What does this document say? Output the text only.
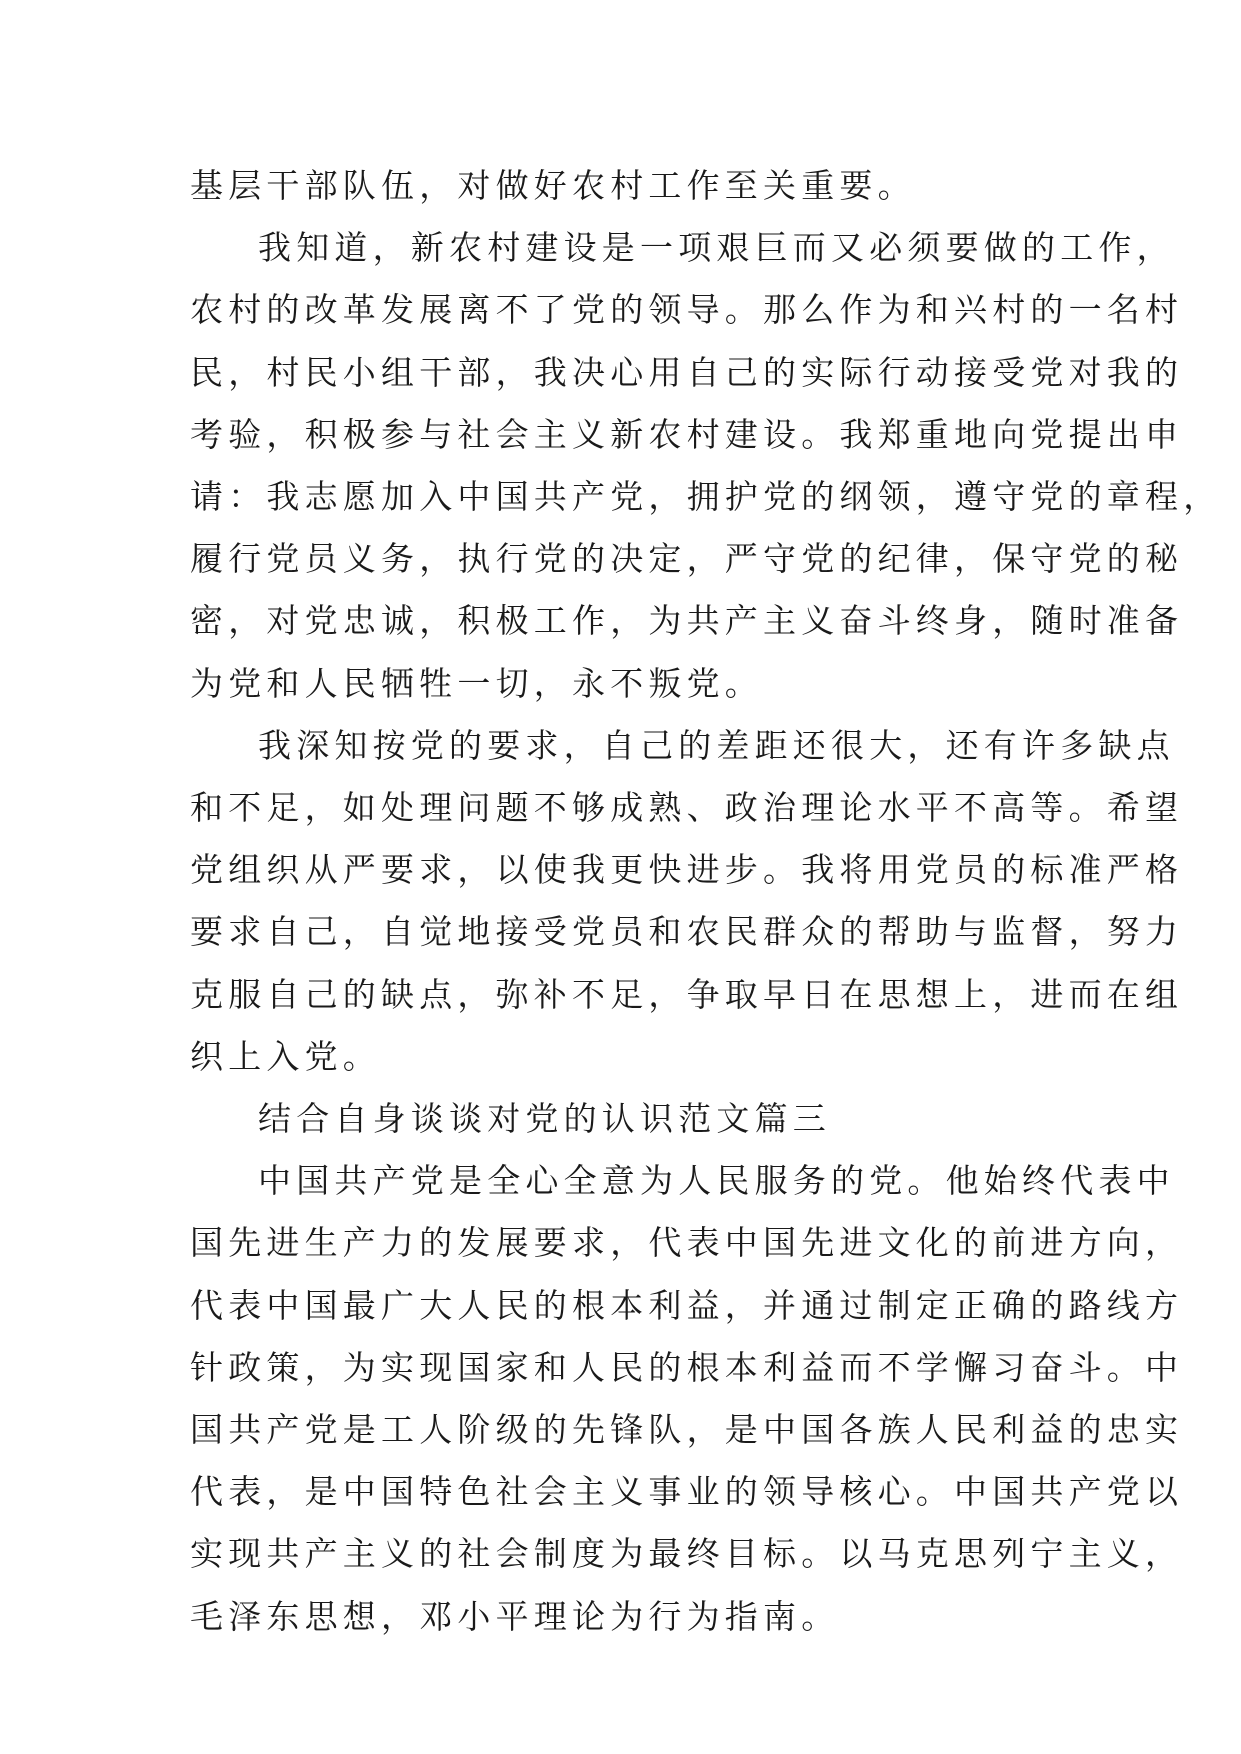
基层干部队伍，对做好农村工作至关重要。
我知道，新农村建设是一项艰巨而又必须要做的工作，
农村的改革发展离不了党的领导。那么作为和兴村的一名村
民，村民小组干部，我决心用自己的实际行动接受党对我的
考验，积极参与社会主义新农村建设。我郑重地向党提出申
请：我志愿加入中国共产党，拥护党的纲领，遵守党的章程，
履行党员义务，执行党的决定，严守党的纪律，保守党的秘
密，对党忠诚，积极工作，为共产主义奋斗终身，随时准备
为党和人民牺牲一切，永不叛党。
我深知按党的要求，自己的差距还很大，还有许多缺点
和不足，如处理问题不够成熟、政治理论水平不高等。希望
党组织从严要求，以使我更快进步。我将用党员的标准严格
要求自己，自觉地接受党员和农民群众的帮助与监督，努力
克服自己的缺点，弥补不足，争取早日在思想上，进而在组
织上入党。
结合自身谈谈对党的认识范文篇三
中国共产党是全心全意为人民服务的党。他始终代表中
国先进生产力的发展要求，代表中国先进文化的前进方向，
代表中国最广大人民的根本利益，并通过制定正确的路线方
针政策，为实现国家和人民的根本利益而不学懈习奋斗。中
国共产党是工人阶级的先锋队，是中国各族人民利益的忠实
代表，是中国特色社会主义事业的领导核心。中国共产党以
实现共产主义的社会制度为最终目标。以马克思列宁主义，
毛泽东思想，邓小平理论为行为指南。
